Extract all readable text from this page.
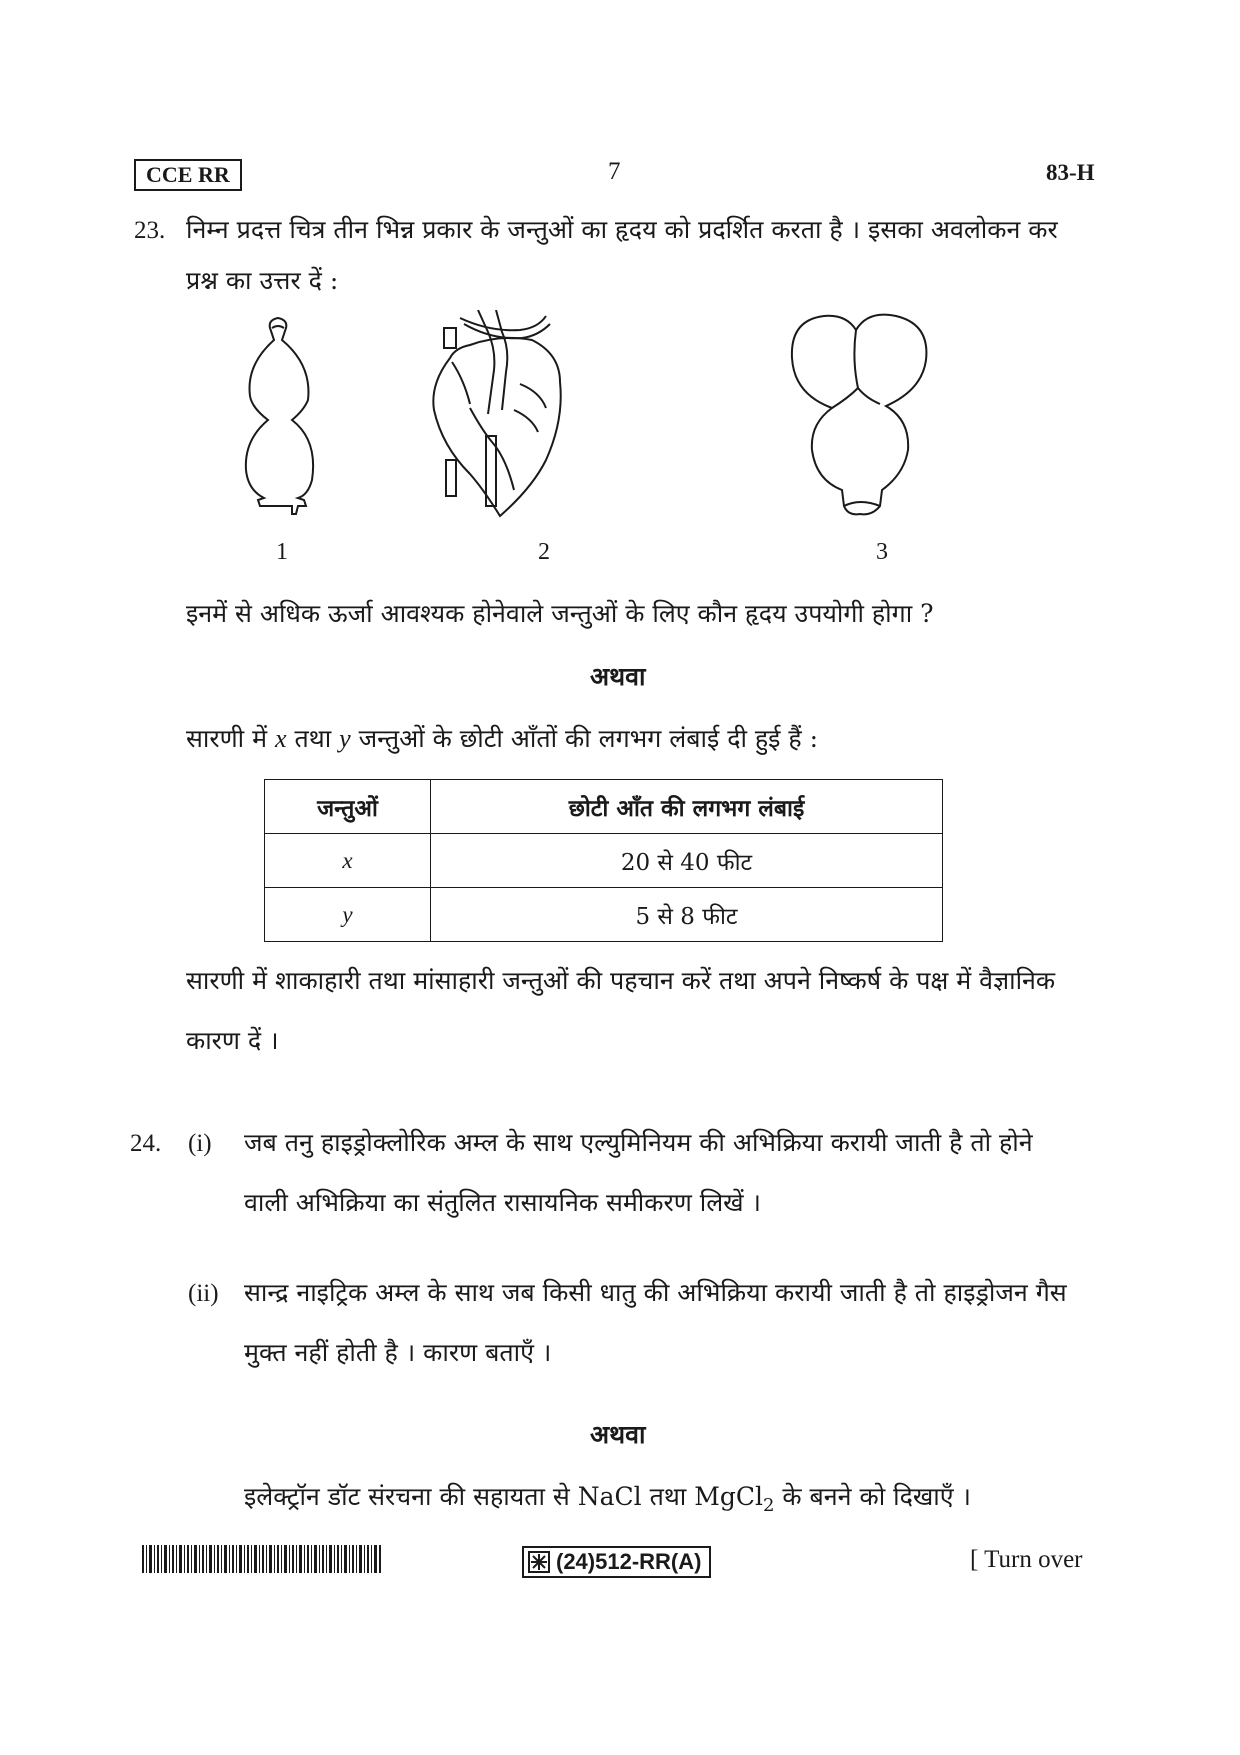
CCE RR	7	83-H
23. निम्न प्रदत्त चित्र तीन भिन्न प्रकार के जन्तुओं का हृदय को प्रदर्शित करता है । इसका अवलोकन कर
प्रश्न का उत्तर दें :
1	2	3
इनमें से अधिक ऊर्जा आवश्यक होनेवाले जन्तुओं के लिए कौन हृदय उपयोगी होगा ?
अथवा
सारणी में x तथा y जन्तुओं के छोटी आँतों की लगभग लंबाई दी हुई हैं :
जन्तुओं	छोटी आँत की लगभग लंबाई
x	20 से 40 फीट
y	5 से 8 फीट
सारणी में शाकाहारी तथा मांसाहारी जन्तुओं की पहचान करें तथा अपने निष्कर्ष के पक्ष में वैज्ञानिक
कारण दें ।
24. (i) जब तनु हाइड्रोक्लोरिक अम्ल के साथ एल्युमिनियम की अभिक्रिया करायी जाती है तो होने
वाली अभिक्रिया का संतुलित रासायनिक समीकरण लिखें ।
(ii) सान्द्र नाइट्रिक अम्ल के साथ जब किसी धातु की अभिक्रिया करायी जाती है तो हाइड्रोजन गैस
मुक्त नहीं होती है । कारण बताएँ ।
अथवा
इलेक्ट्रॉन डॉट संरचना की सहायता से NaCl तथा MgCl$_2$ के बनने को दिखाएँ ।
(24)512-RR(A)	[ Turn over
